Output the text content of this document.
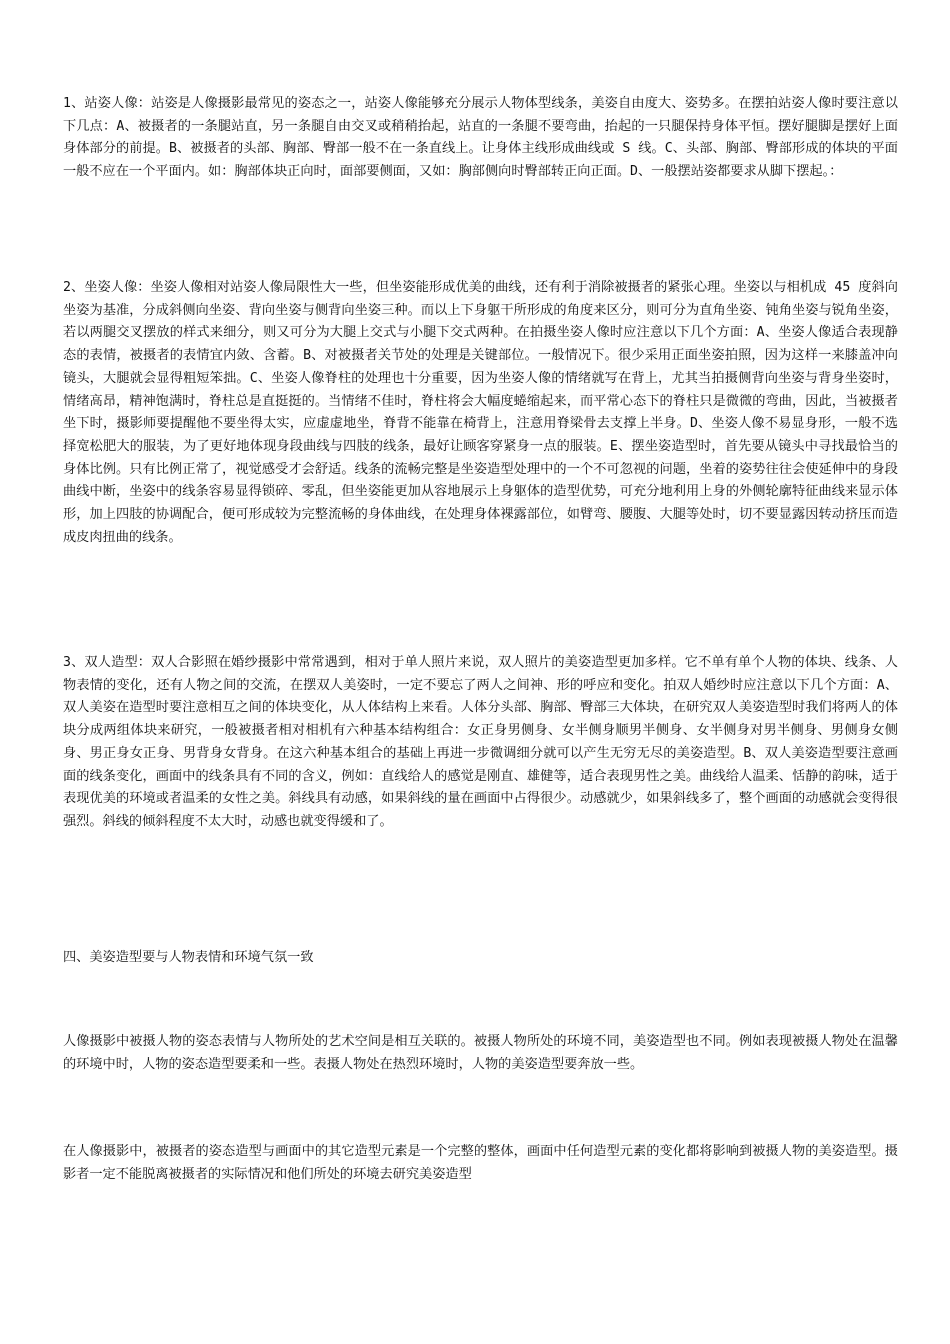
1、站姿人像：站姿是人像摄影最常见的姿态之一，站姿人像能够充分展示人物体型线条，美姿自由度大、姿势多。在摆拍站姿人像时要注意以下几点：A、被摄者的一条腿站直，另一条腿自由交叉或稍稍抬起，站直的一条腿不要弯曲，抬起的一只腿保持身体平恒。摆好腿脚是摆好上面身体部分的前提。B、被摄者的头部、胸部、臀部一般不在一条直线上。让身体主线形成曲线或 S 线。C、头部、胸部、臀部形成的体块的平面一般不应在一个平面内。如：胸部体块正向时，面部要侧面，又如：胸部侧向时臀部转正向正面。D、一般摆站姿都要求从脚下摆起。：

2、坐姿人像：坐姿人像相对站姿人像局限性大一些，但坐姿能形成优美的曲线，还有利于消除被摄者的紧张心理。坐姿以与相机成 45 度斜向坐姿为基准，分成斜侧向坐姿、背向坐姿与侧背向坐姿三种。而以上下身躯干所形成的角度来区分，则可分为直角坐姿、钝角坐姿与锐角坐姿，若以两腿交叉摆放的样式来细分，则又可分为大腿上交式与小腿下交式两种。在拍摄坐姿人像时应注意以下几个方面：A、坐姿人像适合表现静态的表情，被摄者的表情宜内敛、含蓄。B、对被摄者关节处的处理是关键部位。一般情况下。很少采用正面坐姿拍照，因为这样一来膝盖冲向镜头，大腿就会显得粗短笨拙。C、坐姿人像脊柱的处理也十分重要，因为坐姿人像的情绪就写在背上，尤其当拍摄侧背向坐姿与背身坐姿时，情绪高昂，精神饱满时，脊柱总是直挺挺的。当情绪不佳时，脊柱将会大幅度蜷缩起来，而平常心态下的脊柱只是微微的弯曲，因此，当被摄者坐下时，摄影师要提醒他不要坐得太实，应虚虚地坐，脊背不能靠在椅背上，注意用脊梁骨去支撑上半身。D、坐姿人像不易显身形，一般不选择宽松肥大的服装，为了更好地体现身段曲线与四肢的线条，最好让顾客穿紧身一点的服装。E、摆坐姿造型时，首先要从镜头中寻找最恰当的身体比例。只有比例正常了，视觉感受才会舒适。线条的流畅完整是坐姿造型处理中的一个不可忽视的问题，坐着的姿势往往会使延伸中的身段曲线中断，坐姿中的线条容易显得锁碎、零乱，但坐姿能更加从容地展示上身躯体的造型优势，可充分地利用上身的外侧轮廓特征曲线来显示体形，加上四肢的协调配合，便可形成较为完整流畅的身体曲线，在处理身体裸露部位，如臂弯、腰腹、大腿等处时，切不要显露因转动挤压而造成皮肉扭曲的线条。

3、双人造型：双人合影照在婚纱摄影中常常遇到，相对于单人照片来说，双人照片的美姿造型更加多样。它不单有单个人物的体块、线条、人物表情的变化，还有人物之间的交流，在摆双人美姿时，一定不要忘了两人之间神、形的呼应和变化。拍双人婚纱时应注意以下几个方面：A、双人美姿在造型时要注意相互之间的体块变化，从人体结构上来看。人体分头部、胸部、臀部三大体块，在研究双人美姿造型时我们将两人的体块分成两组体块来研究，一般被摄者相对相机有六种基本结构组合：女正身男侧身、女半侧身顺男半侧身、女半侧身对男半侧身、男侧身女侧身、男正身女正身、男背身女背身。在这六种基本组合的基础上再进一步微调细分就可以产生无穷无尽的美姿造型。B、双人美姿造型要注意画面的线条变化，画面中的线条具有不同的含义，例如：直线给人的感觉是刚直、雄健等，适合表现男性之美。曲线给人温柔、恬静的韵味，适于表现优美的环境或者温柔的女性之美。斜线具有动感，如果斜线的量在画面中占得很少。动感就少，如果斜线多了，整个画面的动感就会变得很强烈。斜线的倾斜程度不太大时，动感也就变得缓和了。

四、美姿造型要与人物表情和环境气氛一致

人像摄影中被摄人物的姿态表情与人物所处的艺术空间是相互关联的。被摄人物所处的环境不同，美姿造型也不同。例如表现被摄人物处在温馨的环境中时，人物的姿态造型要柔和一些。表摄人物处在热烈环境时，人物的美姿造型要奔放一些。

在人像摄影中，被摄者的姿态造型与画面中的其它造型元素是一个完整的整体，画面中任何造型元素的变化都将影响到被摄人物的美姿造型。摄影者一定不能脱离被摄者的实际情况和他们所处的环境去研究美姿造型
